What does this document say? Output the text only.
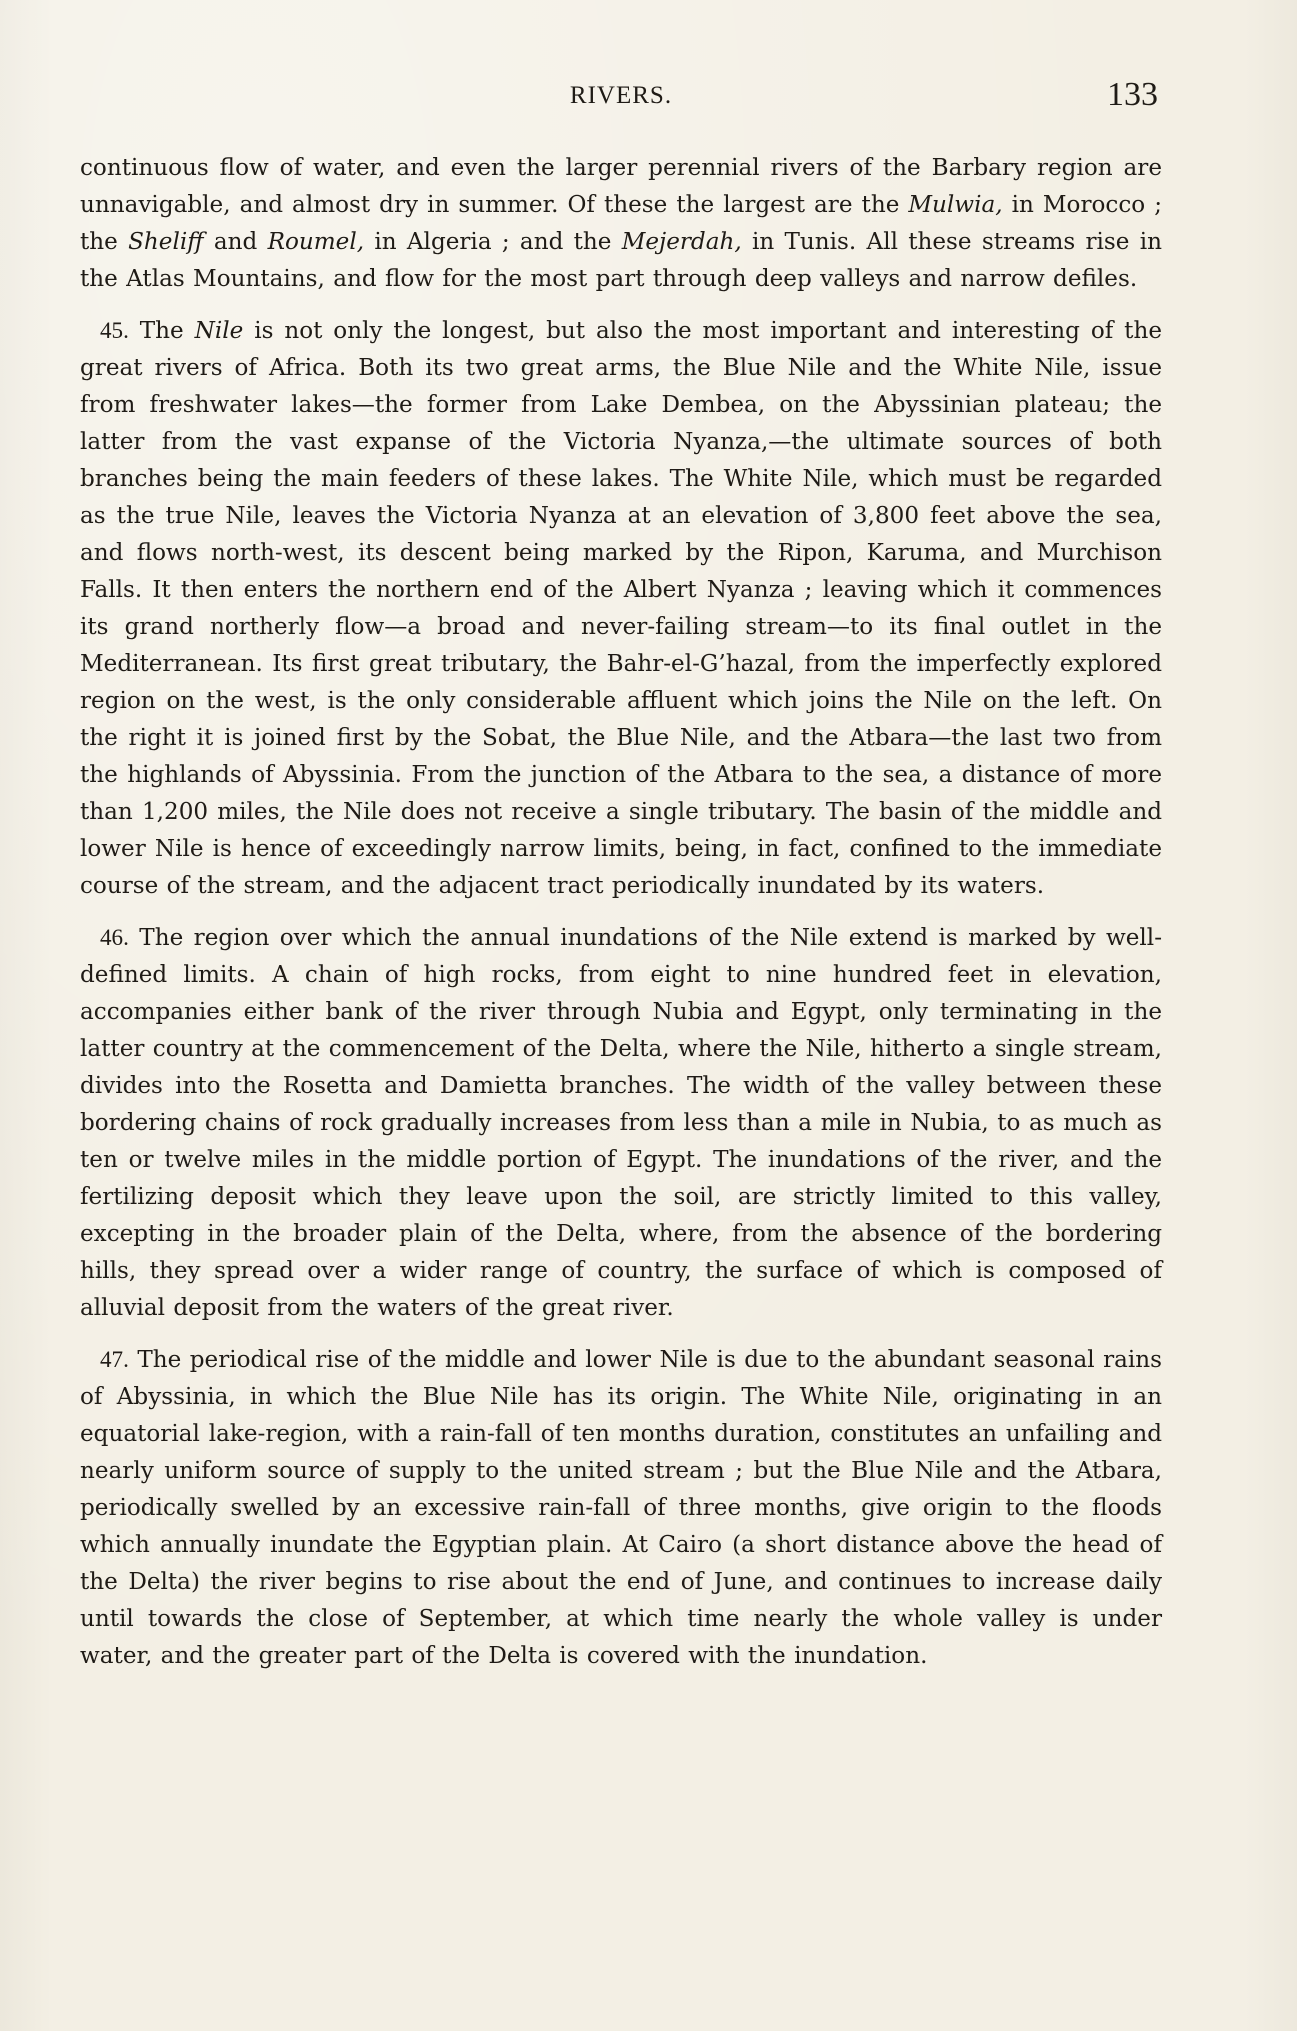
RIVERS.	133

continuous flow of water, and even the larger perennial rivers of the Barbary region are unnavigable, and almost dry in summer. Of these the largest are the Mulwia, in Morocco ; the Sheliff and Roumel, in Algeria ; and the Mejerdah, in Tunis. All these streams rise in the Atlas Mountains, and flow for the most part through deep valleys and narrow defiles.

45. The Nile is not only the longest, but also the most important and interesting of the great rivers of Africa. Both its two great arms, the Blue Nile and the White Nile, issue from freshwater lakes—the former from Lake Dembea, on the Abyssinian plateau; the latter from the vast expanse of the Victoria Nyanza,—the ultimate sources of both branches being the main feeders of these lakes. The White Nile, which must be regarded as the true Nile, leaves the Victoria Nyanza at an elevation of 3,800 feet above the sea, and flows north-west, its descent being marked by the Ripon, Karuma, and Murchison Falls. It then enters the northern end of the Albert Nyanza ; leaving which it commences its grand northerly flow—a broad and never-failing stream—to its final outlet in the Mediterranean. Its first great tributary, the Bahr-el-G’hazal, from the imperfectly explored region on the west, is the only considerable affluent which joins the Nile on the left. On the right it is joined first by the Sobat, the Blue Nile, and the Atbara—the last two from the highlands of Abyssinia. From the junction of the Atbara to the sea, a distance of more than 1,200 miles, the Nile does not receive a single tributary. The basin of the middle and lower Nile is hence of exceedingly narrow limits, being, in fact, confined to the immediate course of the stream, and the adjacent tract periodically inundated by its waters.

46. The region over which the annual inundations of the Nile extend is marked by well-defined limits. A chain of high rocks, from eight to nine hundred feet in elevation, accompanies either bank of the river through Nubia and Egypt, only terminating in the latter country at the commencement of the Delta, where the Nile, hitherto a single stream, divides into the Rosetta and Damietta branches. The width of the valley between these bordering chains of rock gradually increases from less than a mile in Nubia, to as much as ten or twelve miles in the middle portion of Egypt. The inundations of the river, and the fertilizing deposit which they leave upon the soil, are strictly limited to this valley, excepting in the broader plain of the Delta, where, from the absence of the bordering hills, they spread over a wider range of country, the surface of which is composed of alluvial deposit from the waters of the great river.

47. The periodical rise of the middle and lower Nile is due to the abundant seasonal rains of Abyssinia, in which the Blue Nile has its origin. The White Nile, originating in an equatorial lake-region, with a rain-fall of ten months duration, constitutes an unfailing and nearly uniform source of supply to the united stream ; but the Blue Nile and the Atbara, periodically swelled by an excessive rain-fall of three months, give origin to the floods which annually inundate the Egyptian plain. At Cairo (a short distance above the head of the Delta) the river begins to rise about the end of June, and continues to increase daily until towards the close of September, at which time nearly the whole valley is under water, and the greater part of the Delta is covered with the inundation.
